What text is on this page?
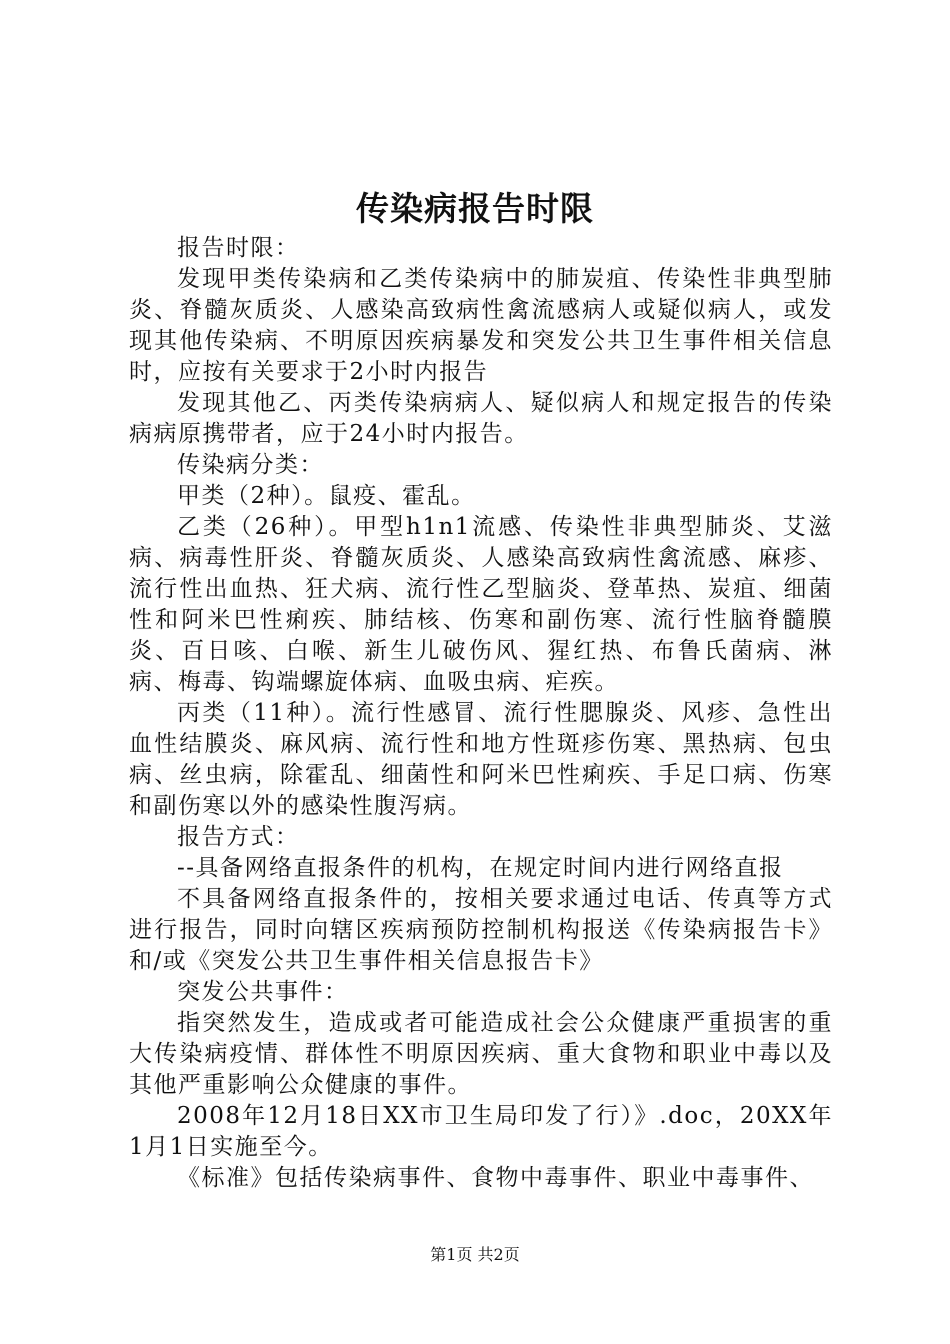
传染病报告时限

报告时限：

发现甲类传染病和乙类传染病中的肺炭疽、传染性非典型肺炎、脊髓灰质炎、人感染高致病性禽流感病人或疑似病人，或发现其他传染病、不明原因疾病暴发和突发公共卫生事件相关信息时，应按有关要求于2小时内报告

发现其他乙、丙类传染病病人、疑似病人和规定报告的传染病病原携带者，应于24小时内报告。

传染病分类：

甲类（2种）。鼠疫、霍乱。

乙类（26种）。甲型h1n1流感、传染性非典型肺炎、艾滋病、病毒性肝炎、脊髓灰质炎、人感染高致病性禽流感、麻疹、流行性出血热、狂犬病、流行性乙型脑炎、登革热、炭疽、细菌性和阿米巴性痢疾、肺结核、伤寒和副伤寒、流行性脑脊髓膜炎、百日咳、白喉、新生儿破伤风、猩红热、布鲁氏菌病、淋病、梅毒、钩端螺旋体病、血吸虫病、疟疾。

丙类（11种）。流行性感冒、流行性腮腺炎、风疹、急性出血性结膜炎、麻风病、流行性和地方性斑疹伤寒、黑热病、包虫病、丝虫病，除霍乱、细菌性和阿米巴性痢疾、手足口病、伤寒和副伤寒以外的感染性腹泻病。

报告方式：

--具备网络直报条件的机构，在规定时间内进行网络直报

不具备网络直报条件的，按相关要求通过电话、传真等方式进行报告，同时向辖区疾病预防控制机构报送《传染病报告卡》和/或《突发公共卫生事件相关信息报告卡》

突发公共事件：

指突然发生，造成或者可能造成社会公众健康严重损害的重大传染病疫情、群体性不明原因疾病、重大食物和职业中毒以及其他严重影响公众健康的事件。

2008年12月18日XX市卫生局印发了行）》.doc，20XX年1月1日实施至今。

《标准》包括传染病事件、食物中毒事件、职业中毒事件、

第1页 共2页
